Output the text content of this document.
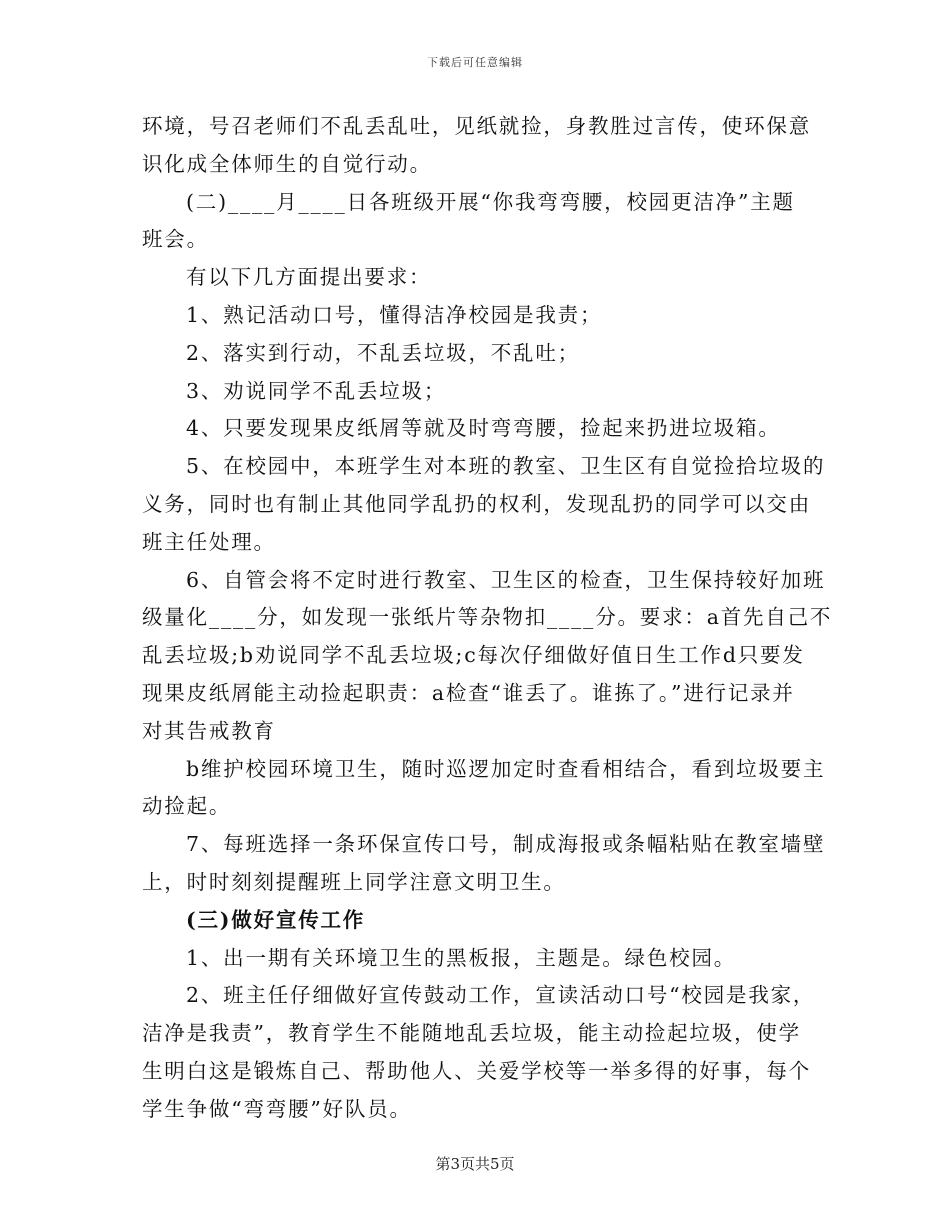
下载后可任意编辑
环境，号召老师们不乱丢乱吐，见纸就捡，身教胜过言传，使环保意
识化成全体师生的自觉行动。
(二)____月____日各班级开展“你我弯弯腰，校园更洁净”主题
班会。
有以下几方面提出要求：
1、熟记活动口号，懂得洁净校园是我责；
2、落实到行动，不乱丢垃圾，不乱吐；
3、劝说同学不乱丢垃圾；
4、只要发现果皮纸屑等就及时弯弯腰，捡起来扔进垃圾箱。
5、在校园中，本班学生对本班的教室、卫生区有自觉捡拾垃圾的
义务，同时也有制止其他同学乱扔的权利，发现乱扔的同学可以交由
班主任处理。
6、自管会将不定时进行教室、卫生区的检查，卫生保持较好加班
级量化____分，如发现一张纸片等杂物扣____分。要求：a首先自己不
乱丢垃圾;b劝说同学不乱丢垃圾;c每次仔细做好值日生工作d只要发
现果皮纸屑能主动捡起职责：a检查“谁丢了。谁拣了。”进行记录并
对其告戒教育
b维护校园环境卫生，随时巡逻加定时查看相结合，看到垃圾要主
动捡起。
7、每班选择一条环保宣传口号，制成海报或条幅粘贴在教室墙壁
上，时时刻刻提醒班上同学注意文明卫生。
(三)做好宣传工作
1、出一期有关环境卫生的黑板报，主题是。绿色校园。
2、班主任仔细做好宣传鼓动工作，宣读活动口号“校园是我家，
洁净是我责”，教育学生不能随地乱丢垃圾，能主动捡起垃圾，使学
生明白这是锻炼自己、帮助他人、关爱学校等一举多得的好事，每个
学生争做“弯弯腰”好队员。
第3页共5页
